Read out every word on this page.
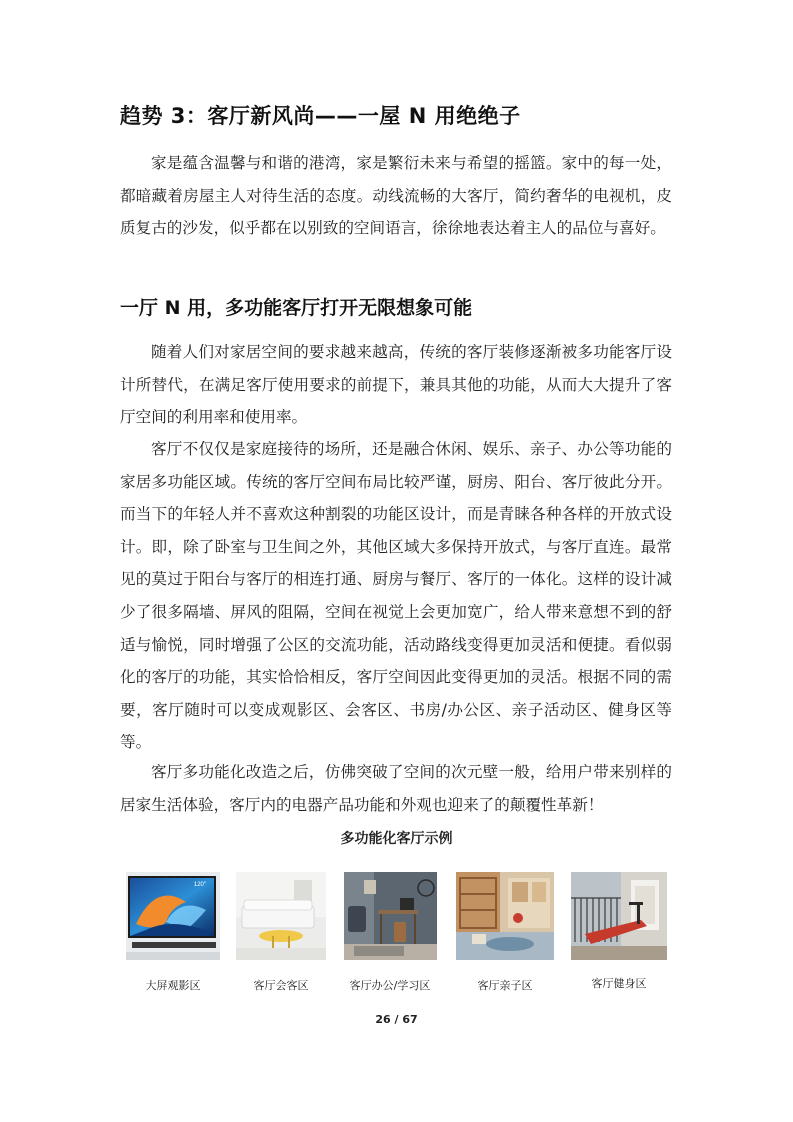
趋势 3：客厅新风尚——一屋 N 用绝绝子

家是蕴含温馨与和谐的港湾，家是繁衍未来与希望的摇篮。家中的每一处，都暗藏着房屋主人对待生活的态度。动线流畅的大客厅，简约奢华的电视机，皮质复古的沙发，似乎都在以别致的空间语言，徐徐地表达着主人的品位与喜好。

一厅 N 用，多功能客厅打开无限想象可能

随着人们对家居空间的要求越来越高，传统的客厅装修逐渐被多功能客厅设计所替代，在满足客厅使用要求的前提下，兼具其他的功能，从而大大提升了客厅空间的利用率和使用率。

客厅不仅仅是家庭接待的场所，还是融合休闲、娱乐、亲子、办公等功能的家居多功能区域。传统的客厅空间布局比较严谨，厨房、阳台、客厅彼此分开。而当下的年轻人并不喜欢这种割裂的功能区设计，而是青睐各种各样的开放式设计。即，除了卧室与卫生间之外，其他区域大多保持开放式，与客厅直连。最常见的莫过于阳台与客厅的相连打通、厨房与餐厅、客厅的一体化。这样的设计减少了很多隔墙、屏风的阻隔，空间在视觉上会更加宽广，给人带来意想不到的舒适与愉悦，同时增强了公区的交流功能，活动路线变得更加灵活和便捷。看似弱化的客厅的功能，其实恰恰相反，客厅空间因此变得更加的灵活。根据不同的需要，客厅随时可以变成观影区、会客区、书房/办公区、亲子活动区、健身区等等。

客厅多功能化改造之后，仿佛突破了空间的次元壁一般，给用户带来别样的居家生活体验，客厅内的电器产品功能和外观也迎来了的颠覆性革新！

多功能化客厅示例
120"
大屏观影区	客厅会客区	客厅办公/学习区	客厅亲子区	客厅健身区
26 / 67
